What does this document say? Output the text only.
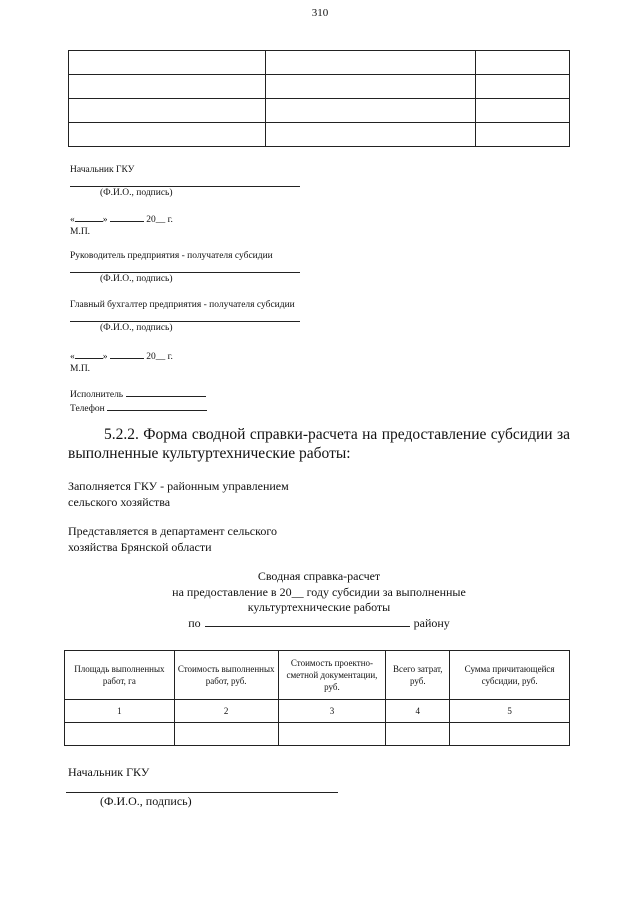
310

Начальник ГКУ
(Ф.И.О., подпись)
«	»	20__ г.
М.П.
Руководитель предприятия - получателя субсидии
(Ф.И.О., подпись)
Главный бухгалтер предприятия - получателя субсидии
(Ф.И.О., подпись)
«	»	20__ г.
М.П.
Исполнитель
Телефон
5.2.2. Форма сводной справки-расчета на предоставление субсидии за выполненные культуртехнические работы:
Заполняется ГКУ - районным управлением
сельского хозяйства
Представляется в департамент сельского
хозяйства Брянской области
Сводная справка-расчет
на предоставление в 20__ году субсидии за выполненные
культуртехнические работы
по	району
Площадь выполненных работ, га	Стоимость выполненных работ, руб.	Стоимость проектно-сметной документации, руб.	Всего затрат, руб.	Сумма причитающейся субсидии, руб.
1	2	3	4	5

Начальник ГКУ
(Ф.И.О., подпись)
